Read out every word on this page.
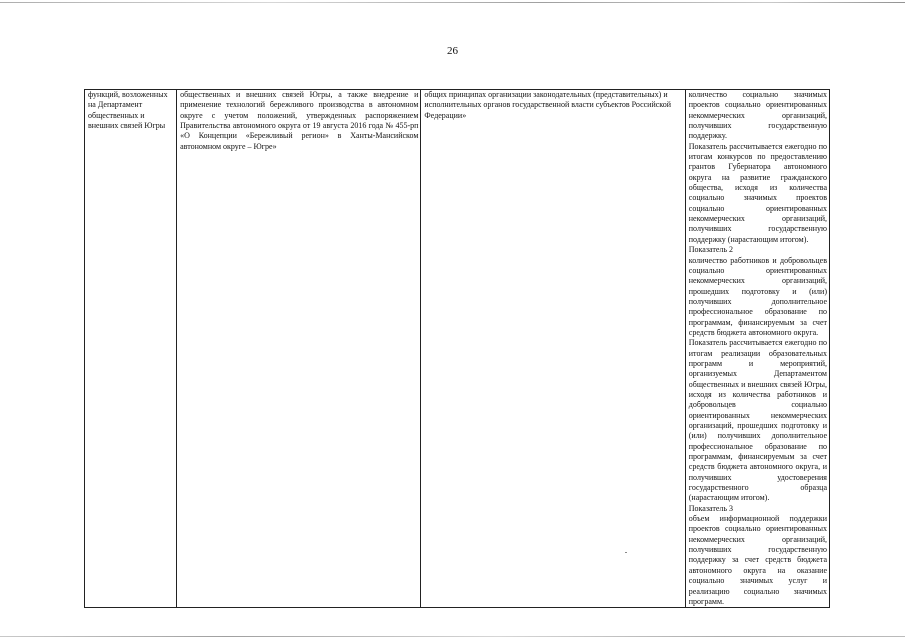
26
функций, возложенных на Департамент общественных и внешних связей Югры	общественных и внешних связей Югры, а также внедрение и применение технологий бережливого производства в автономном округе с учетом положений, утвержденных распоряжением Правительства автономного округа от 19 августа 2016 года № 455-рп «О Концепции «Бережливый регион» в Ханты-Мансийском автономном округе – Югре»	общих принципах организации законодательных (представительных) и исполнительных органов государственной власти субъектов Российской Федерации»	количество социально значимых проектов социально ориентированных некоммерческих организаций, получивших государственную поддержку.
Показатель рассчитывается ежегодно по итогам конкурсов по предоставлению грантов Губернатора автономного округа на развитие гражданского общества, исходя из количества социально значимых проектов социально ориентированных некоммерческих организаций, получивших государственную поддержку (нарастающим итогом).
Показатель 2
количество работников и добровольцев социально ориентированных некоммерческих организаций, прошедших подготовку и (или) получивших дополнительное профессиональное образование по программам, финансируемым за счет средств бюджета автономного округа.
Показатель рассчитывается ежегодно по итогам реализации образовательных программ и мероприятий, организуемых Департаментом общественных и внешних связей Югры, исходя из количества работников и добровольцев социально ориентированных некоммерческих организаций, прошедших подготовку и (или) получивших дополнительное профессиональное образование по программам, финансируемым за счет средств бюджета автономного округа, и получивших удостоверения государственного образца (нарастающим итогом).
Показатель 3
объем информационной поддержки проектов социально ориентированных некоммерческих организаций, получивших государственную поддержку за счет средств бюджета автономного округа на оказание социально значимых услуг и реализацию социально значимых программ.
